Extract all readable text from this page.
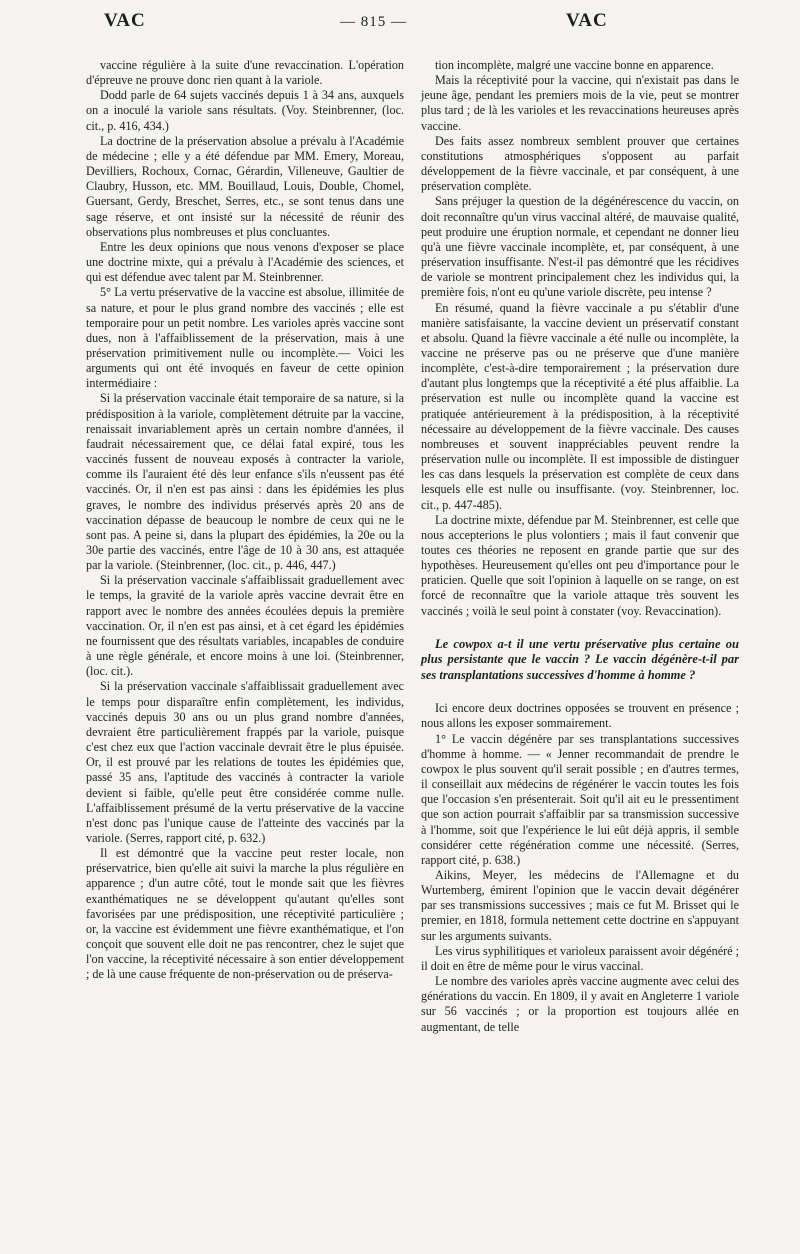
VAC	— 815 —	VAC

vaccine régulière à la suite d'une revaccination. L'opération d'épreuve ne prouve donc rien quant à la variole.

Dodd parle de 64 sujets vaccinés depuis 1 à 34 ans, auxquels on a inoculé la variole sans résultats. (Voy. Steinbrenner, (loc. cit., p. 416, 434.)

La doctrine de la préservation absolue a prévalu à l'Académie de médecine ; elle y a été défendue par MM. Emery, Moreau, Devilliers, Rochoux, Cornac, Gérardin, Villeneuve, Gaultier de Claubry, Husson, etc. MM. Bouillaud, Louis, Double, Chomel, Guersant, Gerdy, Breschet, Serres, etc., se sont tenus dans une sage réserve, et ont insisté sur la nécessité de réunir des observations plus nombreuses et plus concluantes.

Entre les deux opinions que nous venons d'exposer se place une doctrine mixte, qui a prévalu à l'Académie des sciences, et qui est défendue avec talent par M. Steinbrenner.

5° La vertu préservative de la vaccine est absolue, illimitée de sa nature, et pour le plus grand nombre des vaccinés ; elle est temporaire pour un petit nombre. Les varioles après vaccine sont dues, non à l'affaiblissement de la préservation, mais à une préservation primitivement nulle ou incomplète.— Voici les arguments qui ont été invoqués en faveur de cette opinion intermédiaire :

Si la préservation vaccinale était temporaire de sa nature, si la prédisposition à la variole, complètement détruite par la vaccine, renaissait invariablement après un certain nombre d'années, il faudrait nécessairement que, ce délai fatal expiré, tous les vaccinés fussent de nouveau exposés à contracter la variole, comme ils l'auraient été dès leur enfance s'ils n'eussent pas été vaccinés. Or, il n'en est pas ainsi : dans les épidémies les plus graves, le nombre des individus préservés après 20 ans de vaccination dépasse de beaucoup le nombre de ceux qui ne le sont pas. A peine si, dans la plupart des épidémies, la 20e ou la 30e partie des vaccinés, entre l'âge de 10 à 30 ans, est attaquée par la variole. (Steinbrenner, (loc. cit., p. 446, 447.)

Si la préservation vaccinale s'affaiblissait graduellement avec le temps, la gravité de la variole après vaccine devrait être en rapport avec le nombre des années écoulées depuis la première vaccination. Or, il n'en est pas ainsi, et à cet égard les épidémies ne fournissent que des résultats variables, incapables de conduire à une règle générale, et encore moins à une loi. (Steinbrenner, (loc. cit.).

Si la préservation vaccinale s'affaiblissait graduellement avec le temps pour disparaître enfin complètement, les individus, vaccinés depuis 30 ans ou un plus grand nombre d'années, devraient être particulièrement frappés par la variole, puisque c'est chez eux que l'action vaccinale devrait être le plus épuisée. Or, il est prouvé par les relations de toutes les épidémies que, passé 35 ans, l'aptitude des vaccinés à contracter la variole devient si faible, qu'elle peut être considérée comme nulle. L'affaiblissement présumé de la vertu préservative de la vaccine n'est donc pas l'unique cause de l'atteinte des vaccinés par la variole. (Serres, rapport cité, p. 632.)

Il est démontré que la vaccine peut rester locale, non préservatrice, bien qu'elle ait suivi la marche la plus régulière en apparence ; d'un autre côté, tout le monde sait que les fièvres exanthématiques ne se développent qu'autant qu'elles sont favorisées par une prédisposition, une réceptivité particulière ; or, la vaccine est évidemment une fièvre exanthématique, et l'on conçoit que souvent elle doit ne pas rencontrer, chez le sujet que l'on vaccine, la réceptivité nécessaire à son entier développement ; de là une cause fréquente de non-préservation ou de préserva-

tion incomplète, malgré une vaccine bonne en apparence.

Mais la réceptivité pour la vaccine, qui n'existait pas dans le jeune âge, pendant les premiers mois de la vie, peut se montrer plus tard ; de là les varioles et les revaccinations heureuses après vaccine.

Des faits assez nombreux semblent prouver que certaines constitutions atmosphériques s'opposent au parfait développement de la fièvre vaccinale, et par conséquent, à une préservation complète.

Sans préjuger la question de la dégénérescence du vaccin, on doit reconnaître qu'un virus vaccinal altéré, de mauvaise qualité, peut produire une éruption normale, et cependant ne donner lieu qu'à une fièvre vaccinale incomplète, et, par conséquent, à une préservation insuffisante. N'est-il pas démontré que les récidives de variole se montrent principalement chez les individus qui, la première fois, n'ont eu qu'une variole discrète, peu intense ?

En résumé, quand la fièvre vaccinale a pu s'établir d'une manière satisfaisante, la vaccine devient un préservatif constant et absolu. Quand la fièvre vaccinale a été nulle ou incomplète, la vaccine ne préserve pas ou ne préserve que d'une manière incomplète, c'est-à-dire temporairement ; la préservation dure d'autant plus longtemps que la réceptivité a été plus affaiblie. La préservation est nulle ou incomplète quand la vaccine est pratiquée antérieurement à la prédisposition, à la réceptivité nécessaire au développement de la fièvre vaccinale. Des causes nombreuses et souvent inappréciables peuvent rendre la préservation nulle ou incomplète. Il est impossible de distinguer les cas dans lesquels la préservation est complète de ceux dans lesquels elle est nulle ou insuffisante. (voy. Steinbrenner, loc. cit., p. 447-485).

La doctrine mixte, défendue par M. Steinbrenner, est celle que nous accepterions le plus volontiers ; mais il faut convenir que toutes ces théories ne reposent en grande partie que sur des hypothèses. Heureusement qu'elles ont peu d'importance pour le praticien. Quelle que soit l'opinion à laquelle on se range, on est forcé de reconnaître que la variole attaque très souvent les vaccinés ; voilà le seul point à constater (voy. Revaccination).

Le cowpox a-t il une vertu préservative plus certaine ou plus persistante que le vaccin ? Le vaccin dégénère-t-il par ses transplantations successives d'homme à homme ?

Ici encore deux doctrines opposées se trouvent en présence ; nous allons les exposer sommairement.

1° Le vaccin dégénère par ses transplantations successives d'homme à homme. — « Jenner recommandait de prendre le cowpox le plus souvent qu'il serait possible ; en d'autres termes, il conseillait aux médecins de régénérer le vaccin toutes les fois que l'occasion s'en présenterait. Soit qu'il ait eu le pressentiment que son action pourrait s'affaiblir par sa transmission successive à l'homme, soit que l'expérience le lui eût déjà appris, il semble considérer cette régénération comme une nécessité. (Serres, rapport cité, p. 638.)

Aikins, Meyer, les médecins de l'Allemagne et du Wurtemberg, émirent l'opinion que le vaccin devait dégénérer par ses transmissions successives ; mais ce fut M. Brisset qui le premier, en 1818, formula nettement cette doctrine en s'appuyant sur les arguments suivants.

Les virus syphilitiques et varioleux paraissent avoir dégénéré ; il doit en être de même pour le virus vaccinal.

Le nombre des varioles après vaccine augmente avec celui des générations du vaccin. En 1809, il y avait en Angleterre 1 variole sur 56 vaccinés ; or la proportion est toujours allée en augmentant, de telle
